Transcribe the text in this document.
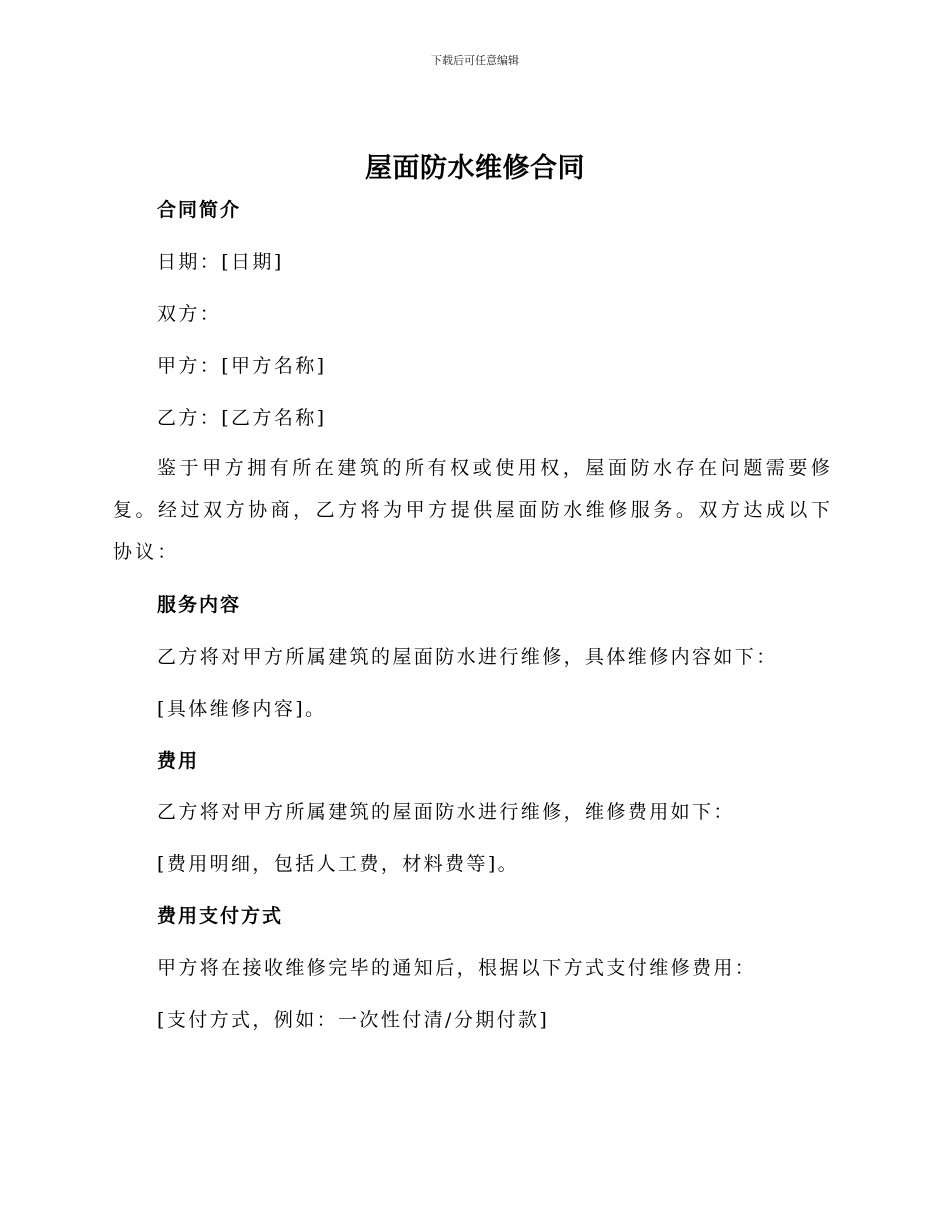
下载后可任意编辑
屋面防水维修合同
合同简介
日期：[日期]
双方：
甲方：[甲方名称]
乙方：[乙方名称]
鉴于甲方拥有所在建筑的所有权或使用权，屋面防水存在问题需要修复。经过双方协商，乙方将为甲方提供屋面防水维修服务。双方达成以下协议：
服务内容
乙方将对甲方所属建筑的屋面防水进行维修，具体维修内容如下：
[具体维修内容]。
费用
乙方将对甲方所属建筑的屋面防水进行维修，维修费用如下：
[费用明细，包括人工费，材料费等]。
费用支付方式
甲方将在接收维修完毕的通知后，根据以下方式支付维修费用：
[支付方式，例如：一次性付清/分期付款]
